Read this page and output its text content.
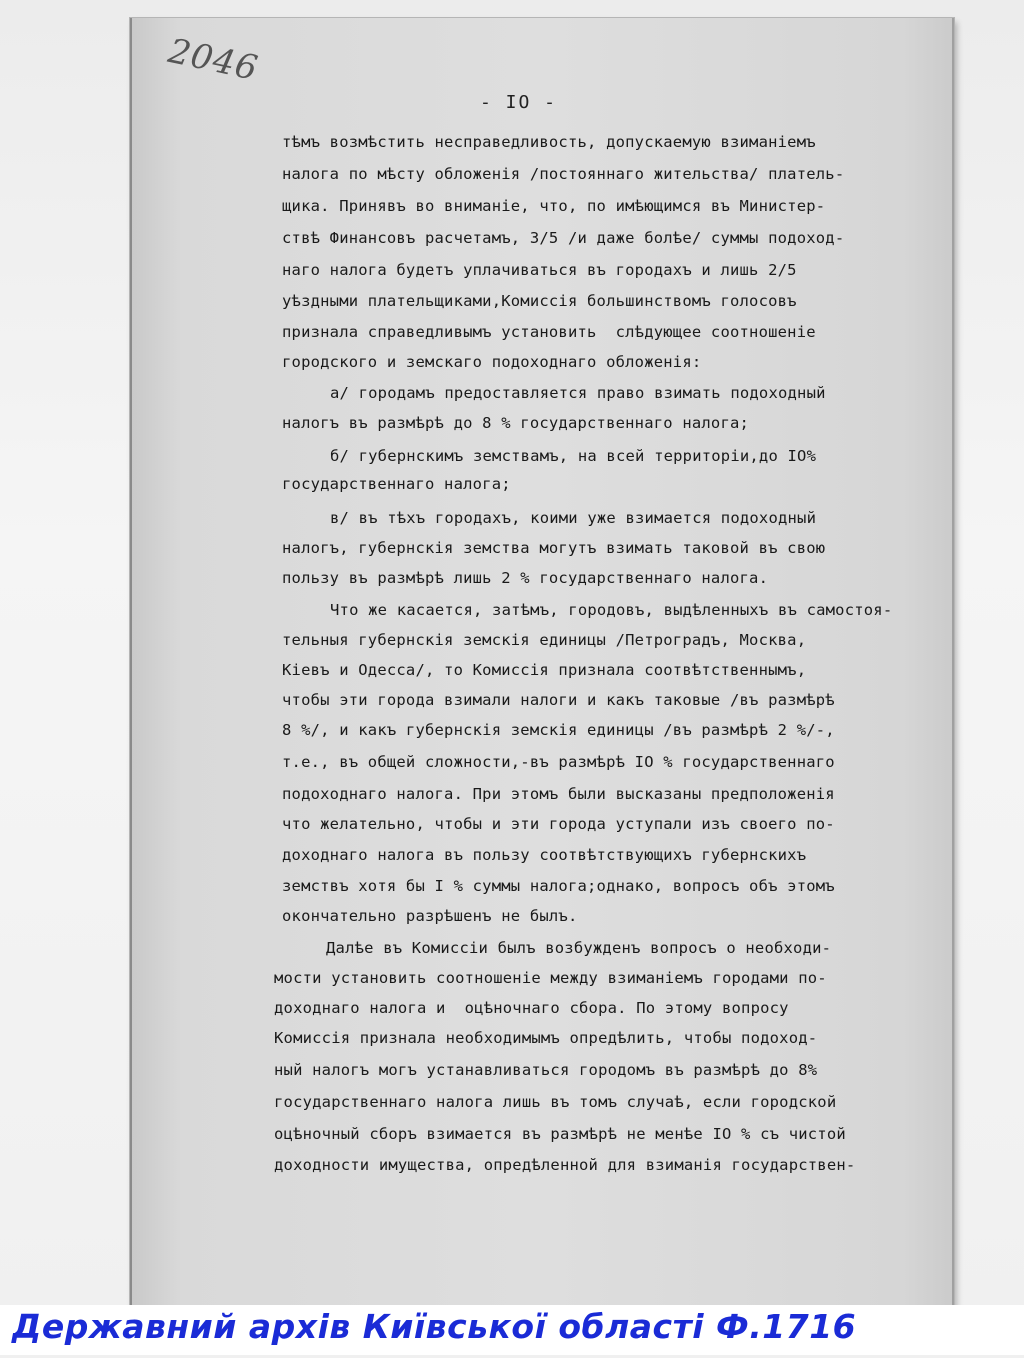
2046
- IO -
тѣмъ возмѣстить несправедливость, допускаемую взиманіемъ
налога по мѣсту обложенія /постояннаго жительства/ платель-
щика. Принявъ во вниманіе, что, по имѣющимся въ Министер-
ствѣ Финансовъ расчетамъ, 3/5 /и даже болѣе/ суммы подоход-
наго налога будетъ уплачиваться въ городахъ и лишь 2/5
уѣздными плательщиками,Комиссія большинствомъ голосовъ
признала справедливымъ установить  слѣдующее соотношеніе
городского и земскаго подоходнаго обложенія:
а/ городамъ предоставляется право взимать подоходный
налогъ въ размѣрѣ до 8 % государственнаго налога;
б/ губернскимъ земствамъ, на всей территоріи,до IO%
государственнаго налога;
в/ въ тѣхъ городахъ, коими уже взимается подоходный
налогъ, губернскія земства могутъ взимать таковой въ свою
пользу въ размѣрѣ лишь 2 % государственнаго налога.
Что же касается, затѣмъ, городовъ, выдѣленныхъ въ самостоя-
тельныя губернскія земскія единицы /Петроградъ, Москва,
Кіевъ и Одесса/, то Комиссія признала соотвѣтственнымъ,
чтобы эти города взимали налоги и какъ таковые /въ размѣрѣ
8 %/, и какъ губернскія земскія единицы /въ размѣрѣ 2 %/-,
т.е., въ общей сложности,-въ размѣрѣ IO % государственнаго
подоходнаго налога. При этомъ были высказаны предположенія
что желательно, чтобы и эти города уступали изъ своего по-
доходнаго налога въ пользу соотвѣтствующихъ губернскихъ
земствъ хотя бы I % суммы налога;однако, вопросъ объ этомъ
окончательно разрѣшенъ не былъ.
Далѣе въ Комиссіи былъ возбужденъ вопросъ о необходи-
мости установить соотношеніе между взиманіемъ городами по-
доходнаго налога и  оцѣночнаго сбора. По этому вопросу
Комиссія признала необходимымъ опредѣлить, чтобы подоход-
ный налогъ могъ устанавливаться городомъ въ размѣрѣ до 8%
государственнаго налога лишь въ томъ случаѣ, если городской
оцѣночный сборъ взимается въ размѣрѣ не менѣе IO % съ чистой
доходности имущества, опредѣленной для взиманія государствен-
Державний архів Київської області Ф.1716
